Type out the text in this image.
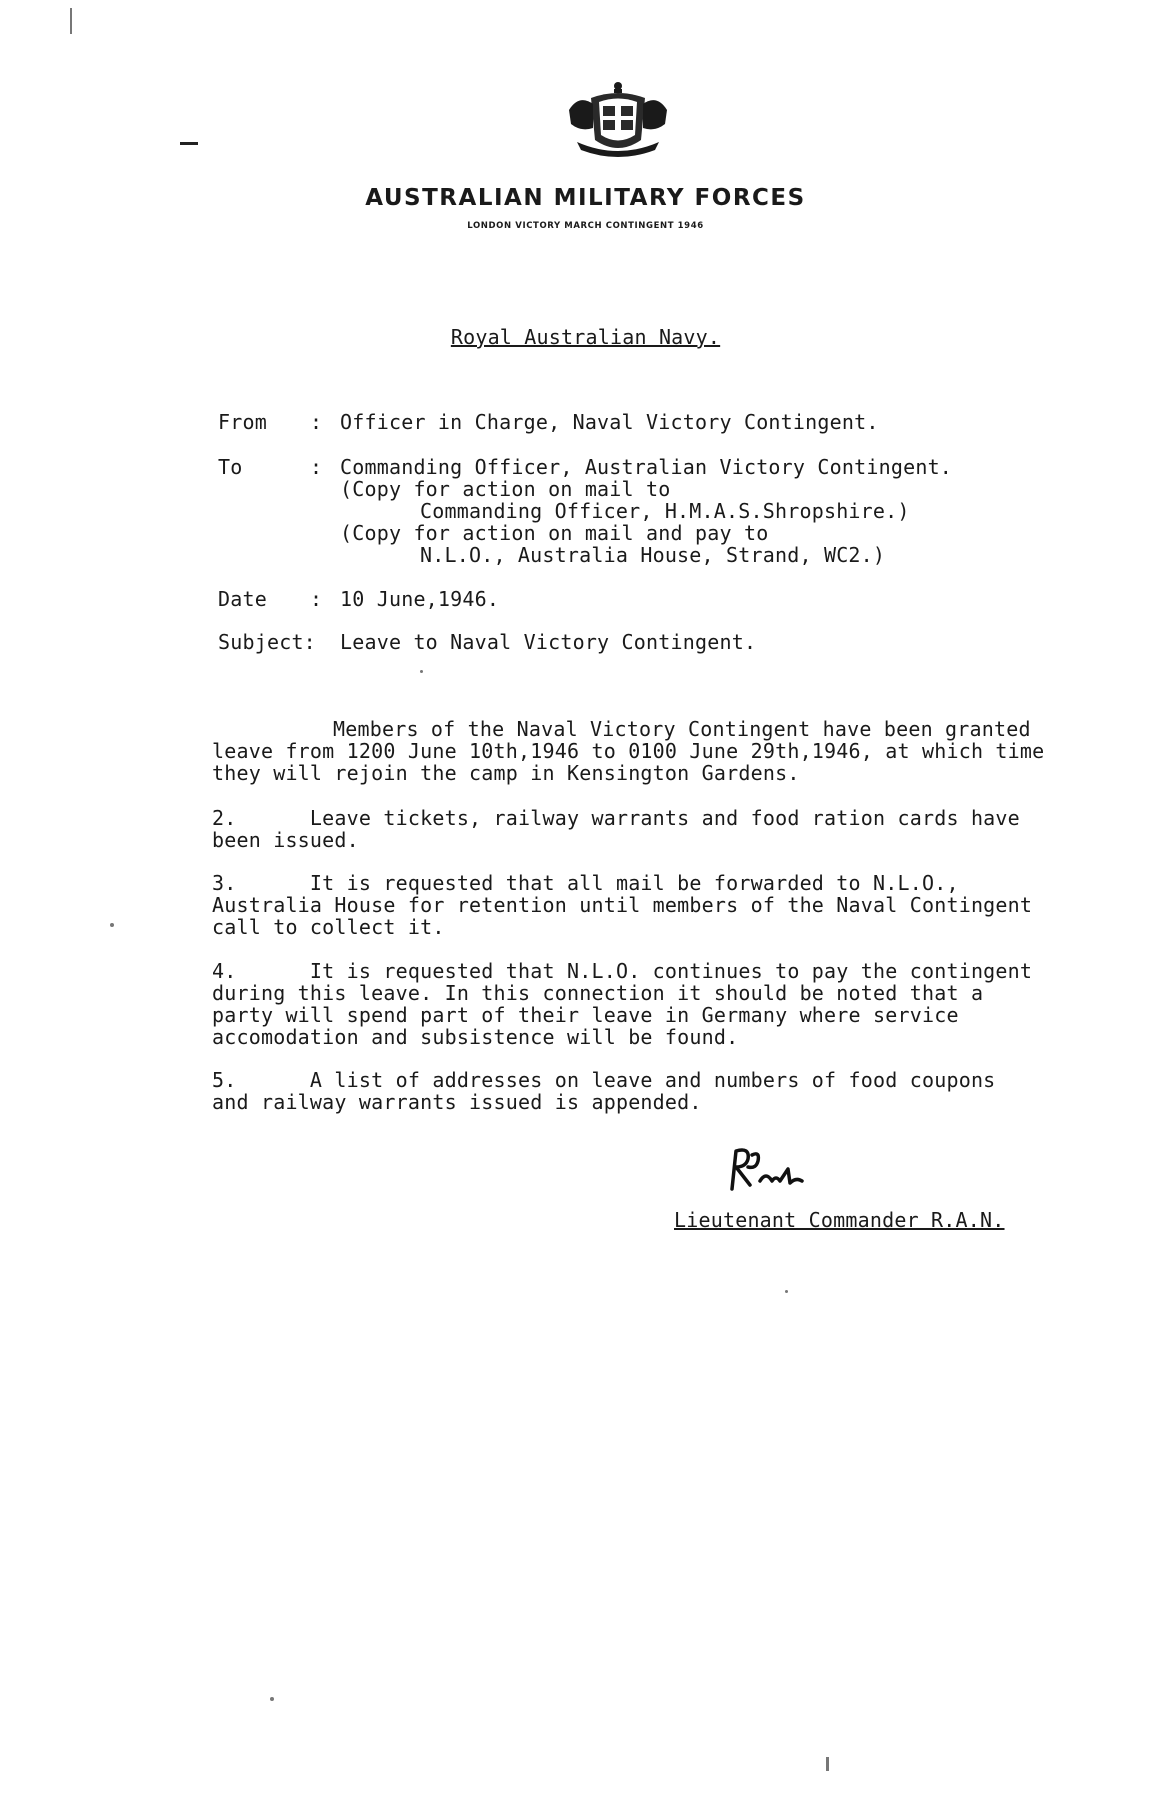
AUSTRALIAN MILITARY FORCES
LONDON VICTORY MARCH CONTINGENT 1946
Royal Australian Navy.
From : Officer in Charge, Naval Victory Contingent.
To	: Commanding Officer, Australian Victory Contingent.
(Copy for action on mail to
Commanding Officer, H.M.A.S.Shropshire.)
(Copy for action on mail and pay to
N.L.O., Australia House, Strand, WC2.)
Date : 10 June,1946.
Subject: Leave to Naval Victory Contingent.
Members of the Naval Victory Contingent have been granted
leave from 1200 June 10th,1946 to 0100 June 29th,1946, at which time
they will rejoin the camp in Kensington Gardens.
2.      Leave tickets, railway warrants and food ration cards have
been issued.
3.      It is requested that all mail be forwarded to N.L.O.,
Australia House for retention until members of the Naval Contingent
call to collect it.
4.      It is requested that N.L.O. continues to pay the contingent
during this leave. In this connection it should be noted that a
party will spend part of their leave in Germany where service
accomodation and subsistence will be found.
5.      A list of addresses on leave and numbers of food coupons
and railway warrants issued is appended.
Lieutenant Commander R.A.N.
